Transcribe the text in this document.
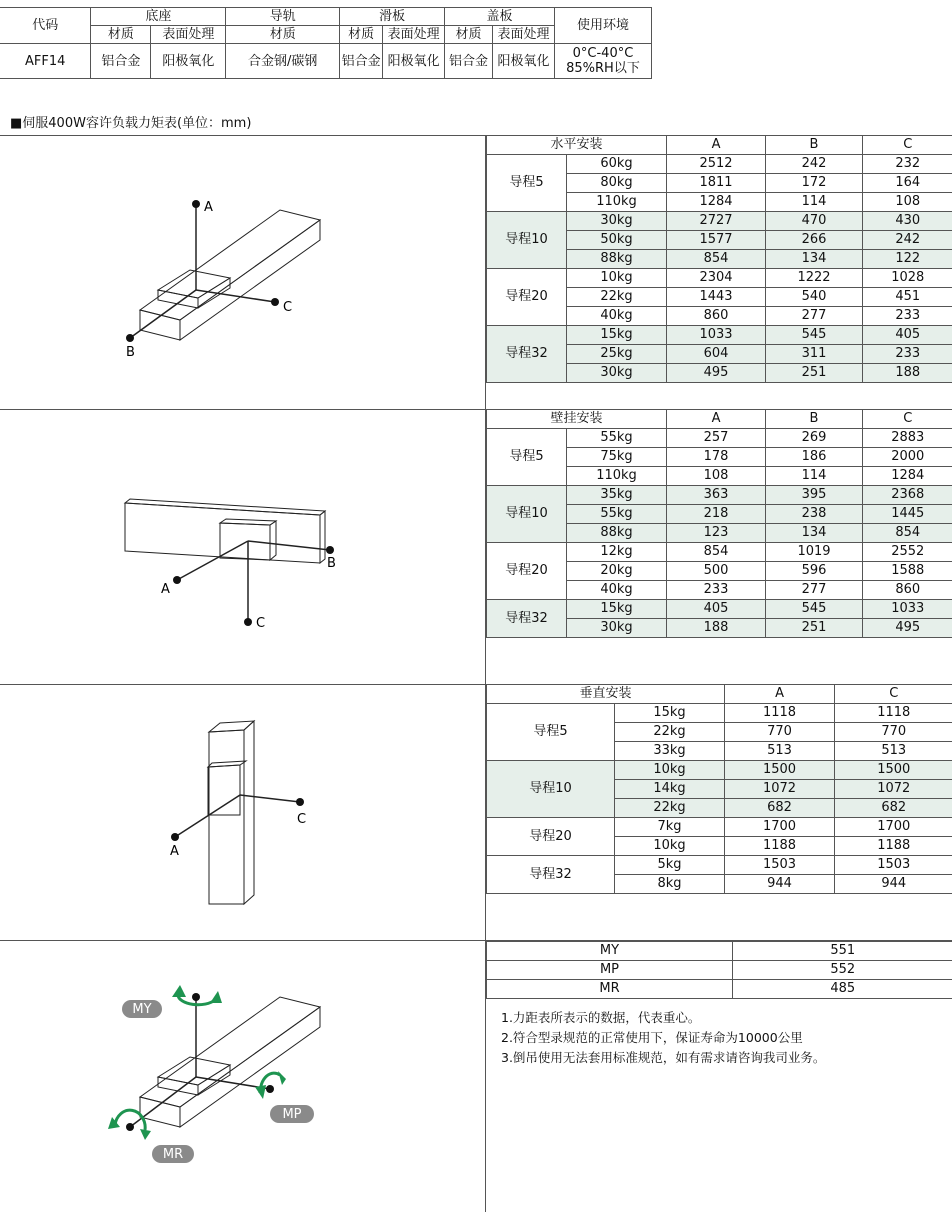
代码	底座		导轨	滑板		盖板		使用环境
	材质	表面处理	材质	材质	表面处理	材质	表面处理	
AFF14	铝合金	阳极氧化	合金钢/碳钢	铝合金	阳极氧化	铝合金	阳极氧化	0°C-40°C
85%RH以下
■伺服400W容许负载力矩表(单位：mm)
水平安装		A	B	C
导程5	60kg	2512	242	232
	80kg	1811	172	164
	110kg	1284	114	108
导程10	30kg	2727	470	430
	50kg	1577	266	242
	88kg	854	134	122
导程20	10kg	2304	1222	1028
	22kg	1443	540	451
	40kg	860	277	233
导程32	15kg	1033	545	405
	25kg	604	311	233
	30kg	495	251	188
壁挂安装		A	B	C
导程5	55kg	257	269	2883
	75kg	178	186	2000
	110kg	108	114	1284
导程10	35kg	363	395	2368
	55kg	218	238	1445
	88kg	123	134	854
导程20	12kg	854	1019	2552
	20kg	500	596	1588
	40kg	233	277	860
导程32	15kg	405	545	1033
	30kg	188	251	495
垂直安装		A	C
导程5	15kg	1118	1118
	22kg	770	770
	33kg	513	513
导程10	10kg	1500	1500
	14kg	1072	1072
	22kg	682	682
导程20	7kg	1700	1700
	10kg	1188	1188
导程32	5kg	1503	1503
	8kg	944	944
MY	551
MP	552
MR	485
1.力距表所表示的数据，代表重心。
2.符合型录规范的正常使用下，保证寿命为10000公里
3.倒吊使用无法套用标准规范，如有需求请咨询我司业务。
A
B
C
A
B
C
A
C
MY
MP
MR
